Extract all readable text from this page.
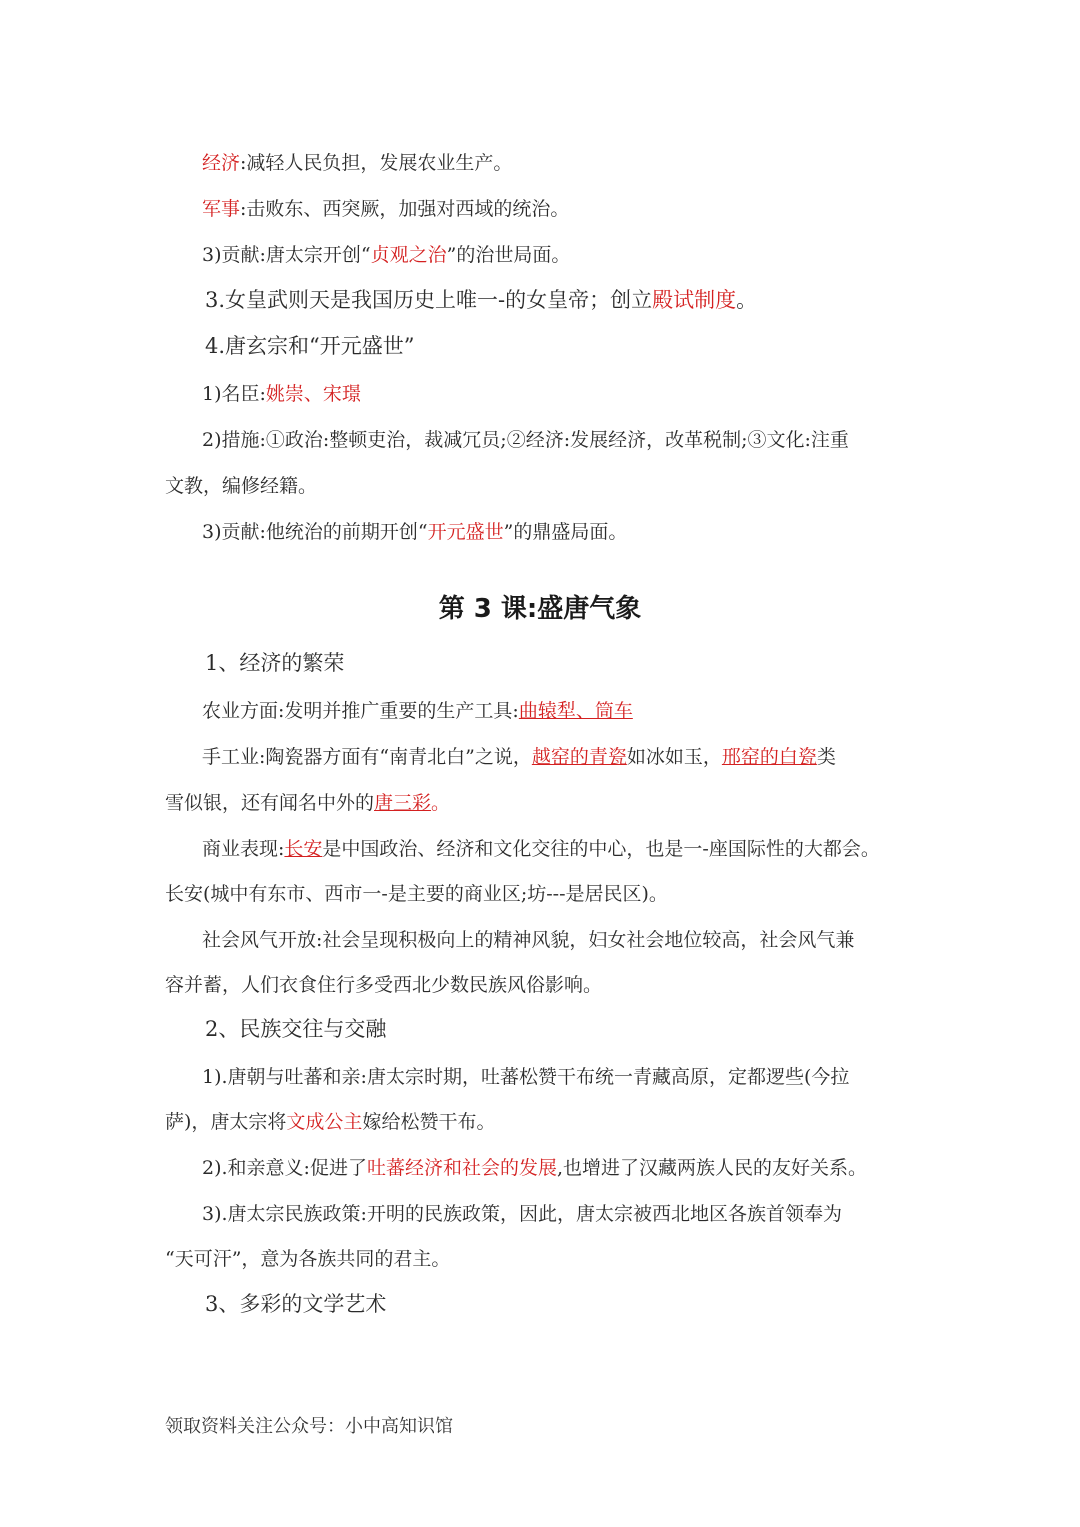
经济:减轻人民负担，发展农业生产。
军事:击败东、西突厥，加强对西域的统治。
3)贡献:唐太宗开创“贞观之治”的治世局面。
3.女皇武则天是我国历史上唯一-的女皇帝；创立殿试制度。
4.唐玄宗和“开元盛世”
1)名臣:姚崇、宋璟
2)措施:①政治:整顿吏治，裁减冗员;②经济:发展经济，改革税制;③文化:注重
文教，编修经籍。
3)贡献:他统治的前期开创“开元盛世”的鼎盛局面。
第 3 课:盛唐气象
1、经济的繁荣
农业方面:发明并推广重要的生产工具:曲辕犁、筒车
手工业:陶瓷器方面有“南青北白”之说，越窑的青瓷如冰如玉，邢窑的白瓷类
雪似银，还有闻名中外的唐三彩。
商业表现:长安是中国政治、经济和文化交往的中心，也是一-座国际性的大都会。
长安(城中有东市、西市一-是主要的商业区;坊---是居民区)。
社会风气开放:社会呈现积极向上的精神风貌，妇女社会地位较高，社会风气兼
容并蓄，人们衣食住行多受西北少数民族风俗影响。
2、民族交往与交融
1).唐朝与吐蕃和亲:唐太宗时期，吐蕃松赞干布统一青藏高原，定都逻些(今拉
萨)，唐太宗将文成公主嫁给松赞干布。
2).和亲意义:促进了吐蕃经济和社会的发展,也增进了汉藏两族人民的友好关系。
3).唐太宗民族政策:开明的民族政策，因此，唐太宗被西北地区各族首领奉为
“天可汗”，意为各族共同的君主。
3、多彩的文学艺术
领取资料关注公众号：小中高知识馆
